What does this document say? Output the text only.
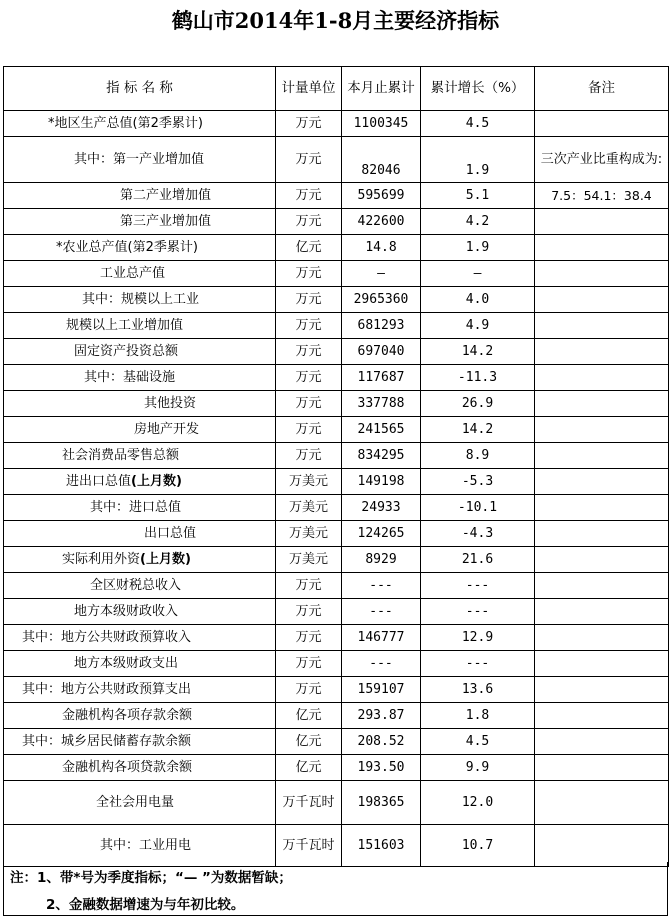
鹤山市2014年1-8月主要经济指标
指 标 名 称	计量单位	本月止累计	累计增长（%）	备注
*地区生产总值(第2季累计)	万元	1100345	4.5	
其中：第一产业增加值	万元	82046	1.9	三次产业比重构成为:
第二产业增加值	万元	595699	5.1	7.5：54.1：38.4
第三产业增加值	万元	422600	4.2	
*农业总产值(第2季累计)	亿元	14.8	1.9	
工业总产值	万元	—	—	
其中：规模以上工业	万元	2965360	4.0	
规模以上工业增加值	万元	681293	4.9	
固定资产投资总额	万元	697040	14.2	
其中：基础设施	万元	117687	-11.3	
其他投资	万元	337788	26.9	
房地产开发	万元	241565	14.2	
社会消费品零售总额	万元	834295	8.9	
进出口总值(上月数)	万美元	149198	-5.3	
其中：进口总值	万美元	24933	-10.1	
出口总值	万美元	124265	-4.3	
实际利用外资(上月数)	万美元	8929	21.6	
全区财税总收入	万元	---	---	
地方本级财政收入	万元	---	---	
其中：地方公共财政预算收入	万元	146777	12.9	
地方本级财政支出	万元	---	---	
其中：地方公共财政预算支出	万元	159107	13.6	
金融机构各项存款余额	亿元	293.87	1.8	
其中：城乡居民储蓄存款余额	亿元	208.52	4.5	
金融机构各项贷款余额	亿元	193.50	9.9	
全社会用电量	万千瓦时	198365	12.0	
其中：工业用电	万千瓦时	151603	10.7	
注：1、带*号为季度指标；“— ”为数据暂缺；
2、金融数据增速为与年初比较。
